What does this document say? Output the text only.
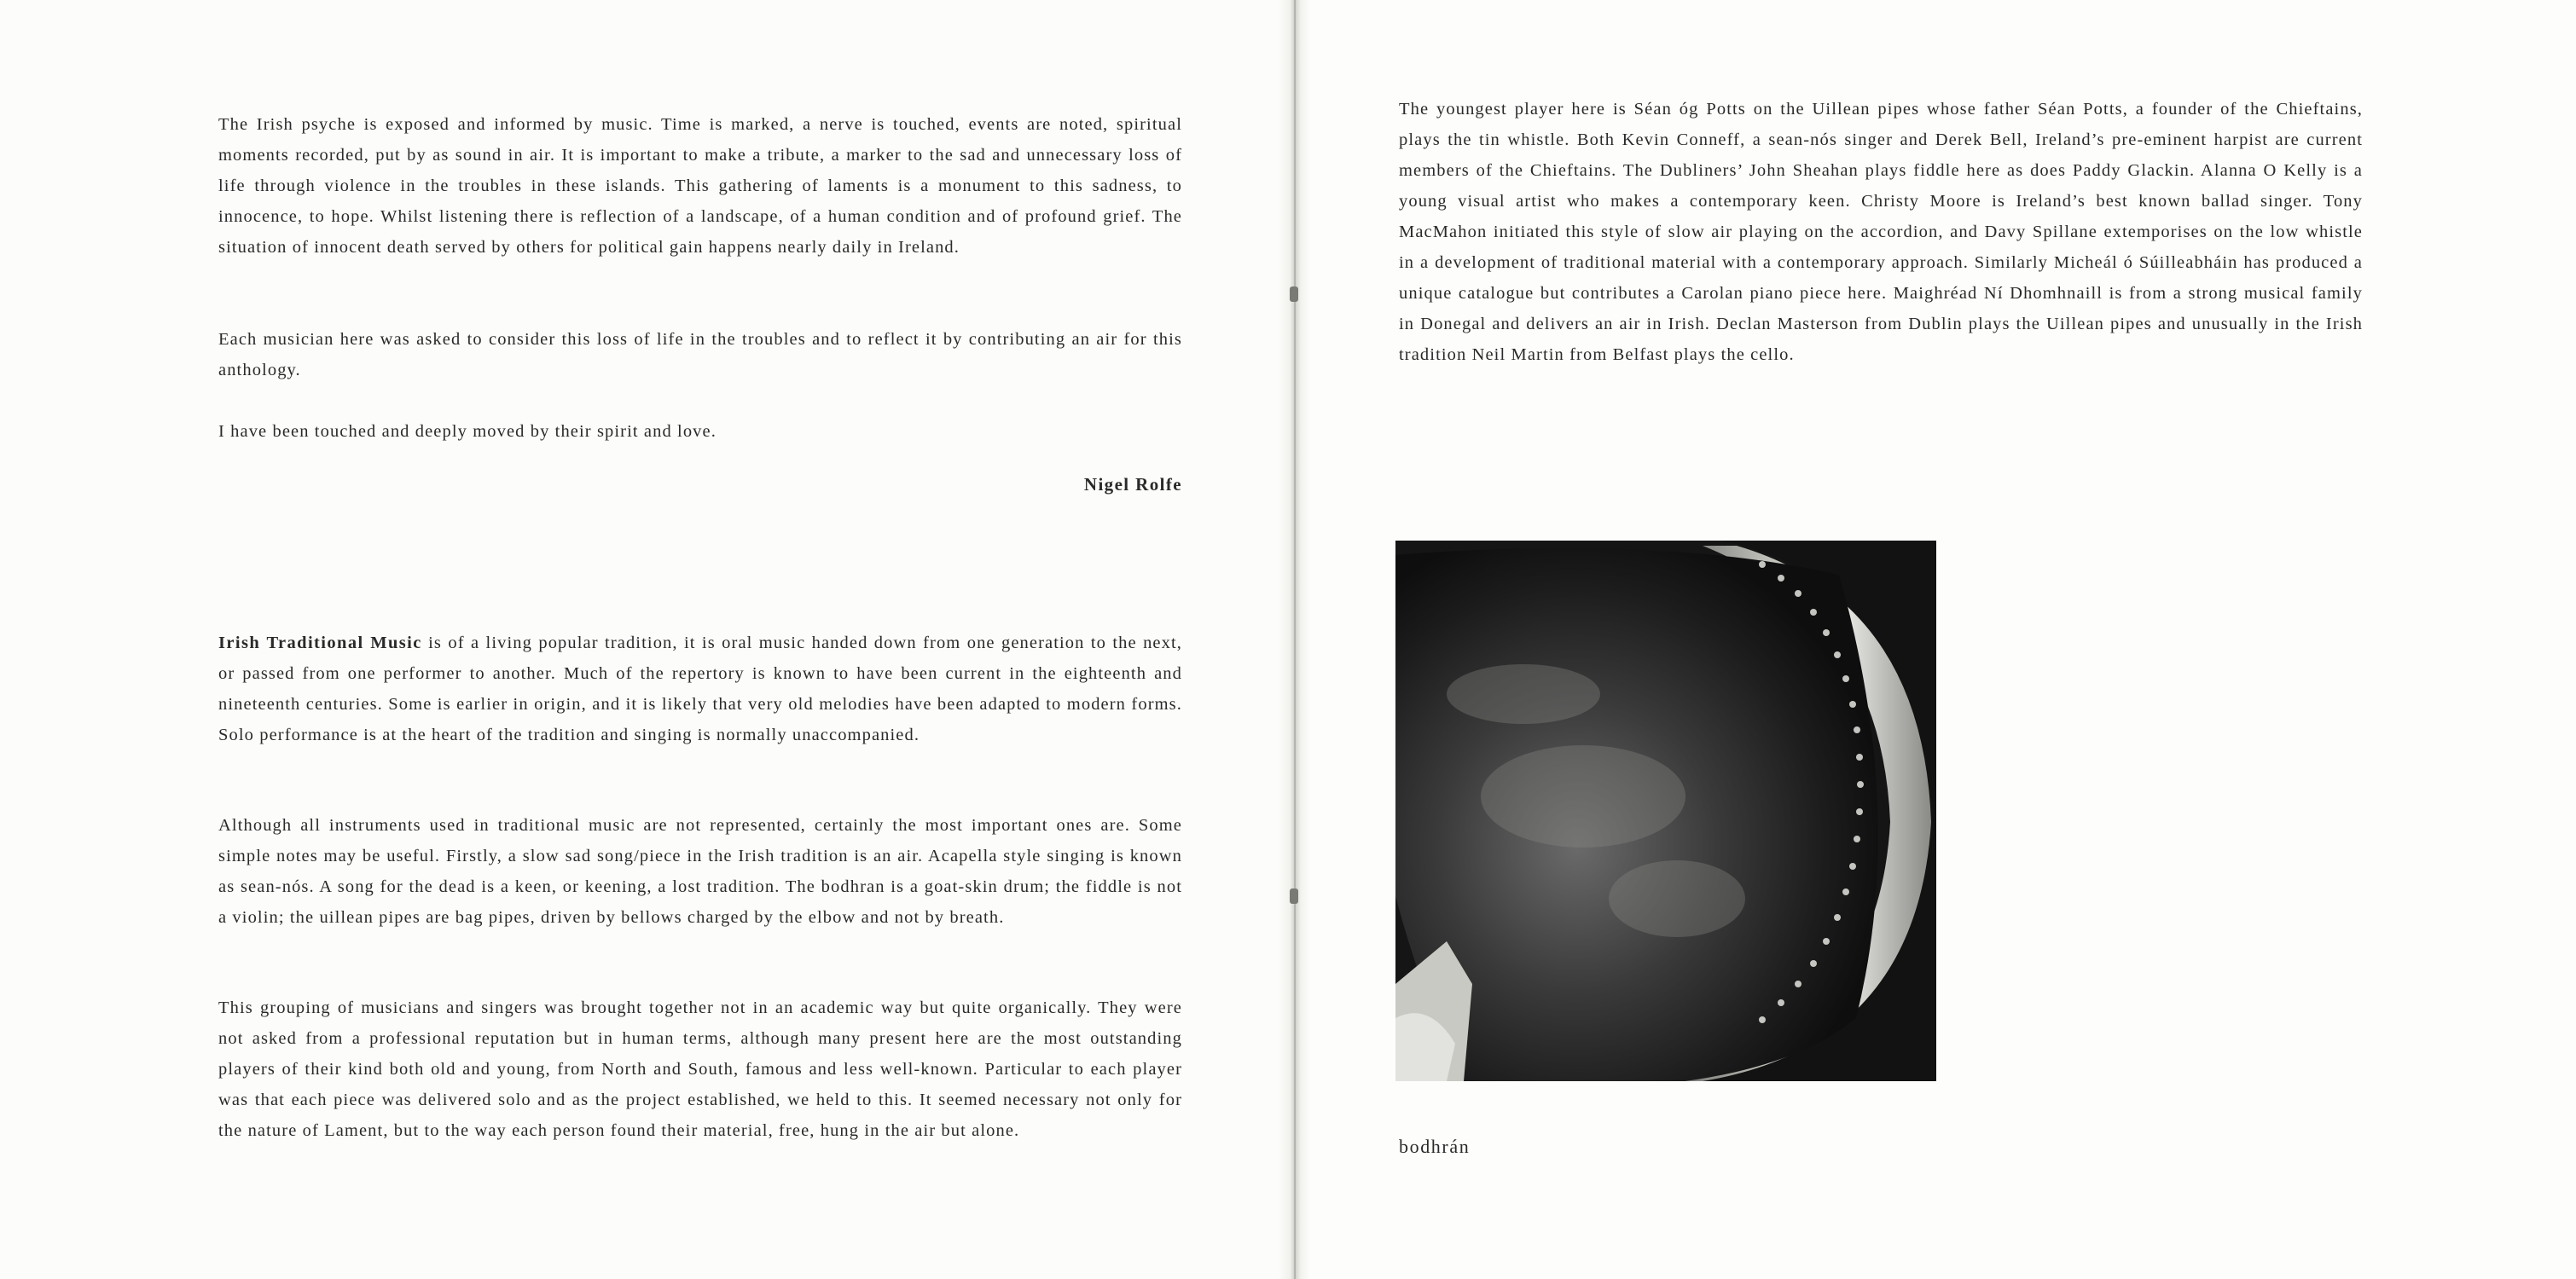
The Irish psyche is exposed and informed by music. Time is marked, a nerve is touched, events are noted, spiritual moments recorded, put by as sound in air. It is important to make a tribute, a marker to the sad and unnecessary loss of life through violence in the troubles in these islands. This gathering of laments is a monument to this sadness, to innocence, to hope. Whilst listening there is reflection of a landscape, of a human condition and of profound grief. The situation of innocent death served by others for political gain happens nearly daily in Ireland.

Each musician here was asked to consider this loss of life in the troubles and to reflect it by contributing an air for this anthology.

I have been touched and deeply moved by their spirit and love.

Nigel Rolfe

Irish Traditional Music is of a living popular tradition, it is oral music handed down from one generation to the next, or passed from one performer to another. Much of the repertory is known to have been current in the eighteenth and nineteenth centuries. Some is earlier in origin, and it is likely that very old melodies have been adapted to modern forms. Solo performance is at the heart of the tradition and singing is normally unaccompanied.

Although all instruments used in traditional music are not represented, certainly the most important ones are. Some simple notes may be useful. Firstly, a slow sad song/piece in the Irish tradition is an air. Acapella style singing is known as sean-nós. A song for the dead is a keen, or keening, a lost tradition. The bodhran is a goat-skin drum; the fiddle is not a violin; the uillean pipes are bag pipes, driven by bellows charged by the elbow and not by breath.

This grouping of musicians and singers was brought together not in an academic way but quite organically. They were not asked from a professional reputation but in human terms, although many present here are the most outstanding players of their kind both old and young, from North and South, famous and less well-known. Particular to each player was that each piece was delivered solo and as the project established, we held to this. It seemed necessary not only for the nature of Lament, but to the way each person found their material, free, hung in the air but alone.

The youngest player here is Séan óg Potts on the Uillean pipes whose father Séan Potts, a founder of the Chieftains, plays the tin whistle. Both Kevin Conneff, a sean-nós singer and Derek Bell, Ireland’s pre-eminent harpist are current members of the Chieftains. The Dubliners’ John Sheahan plays fiddle here as does Paddy Glackin. Alanna O Kelly is a young visual artist who makes a contemporary keen. Christy Moore is Ireland’s best known ballad singer. Tony MacMahon initiated this style of slow air playing on the accordion, and Davy Spillane extemporises on the low whistle in a development of traditional material with a contemporary approach. Similarly Micheál ó Súilleabháin has produced a unique catalogue but contributes a Carolan piano piece here. Maighréad Ní Dhomhnaill is from a strong musical family in Donegal and delivers an air in Irish. Declan Masterson from Dublin plays the Uillean pipes and unusually in the Irish tradition Neil Martin from Belfast plays the cello.

bodhrán
